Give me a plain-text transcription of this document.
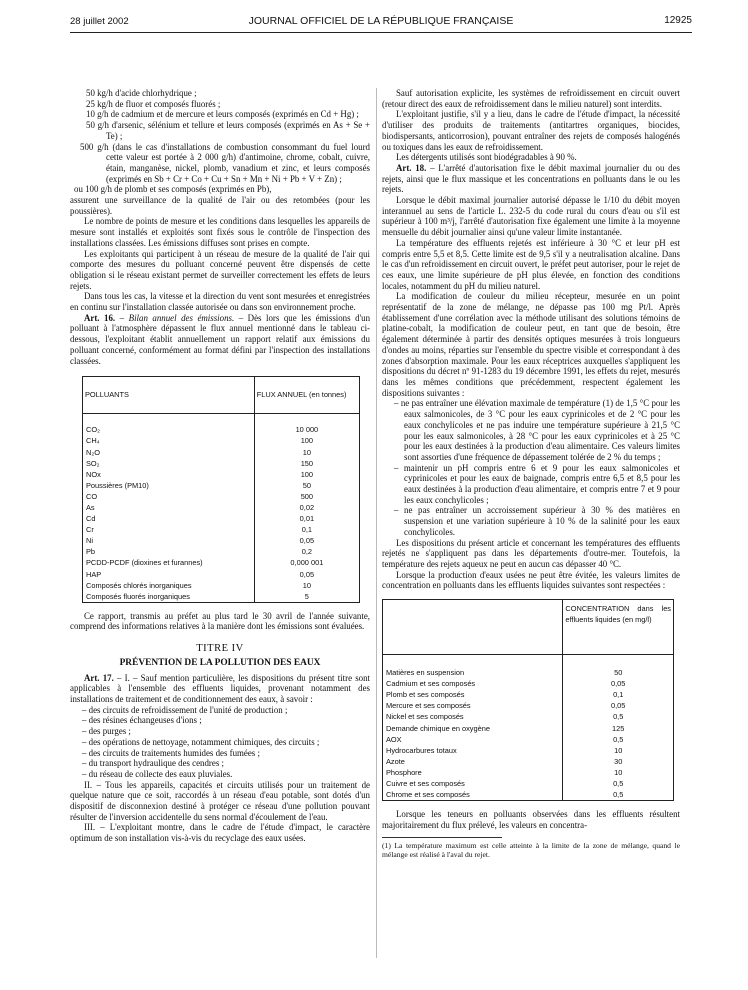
28 juillet 2002	JOURNAL OFFICIEL DE LA RÉPUBLIQUE FRANÇAISE	12925

50 kg/h d'acide chlorhydrique ;

25 kg/h de fluor et composés fluorés ;

10 g/h de cadmium et de mercure et leurs composés (exprimés en Cd + Hg) ;

50 g/h d'arsenic, sélénium et tellure et leurs composés (exprimés en As + Se + Te) ;

500 g/h (dans le cas d'installations de combustion consommant du fuel lourd cette valeur est portée à 2 000 g/h) d'antimoine, chrome, cobalt, cuivre, étain, manganèse, nickel, plomb, vanadium et zinc, et leurs composés (exprimés en Sb + Cr + Co + Cu + Sn + Mn + Ni + Pb + V + Zn) ;

ou 100 g/h de plomb et ses composés (exprimés en Pb),

assurent une surveillance de la qualité de l'air ou des retombées (pour les poussières).

Le nombre de points de mesure et les conditions dans lesquelles les appareils de mesure sont installés et exploités sont fixés sous le contrôle de l'inspection des installations classées. Les émissions diffuses sont prises en compte.

Les exploitants qui participent à un réseau de mesure de la qualité de l'air qui comporte des mesures du polluant concerné peuvent être dispensés de cette obligation si le réseau existant permet de surveiller correctement les effets de leurs rejets.

Dans tous les cas, la vitesse et la direction du vent sont mesurées et enregistrées en continu sur l'installation classée autorisée ou dans son environnement proche.

Art. 16. – Bilan annuel des émissions. – Dès lors que les émissions d'un polluant à l'atmosphère dépassent le flux annuel mentionné dans le tableau ci-dessous, l'exploitant établit annuellement un rapport relatif aux émissions du polluant concerné, conformément au format défini par l'inspection des installations classées.

POLLUANTS	FLUX ANNUEL (en tonnes)

CO₂	10 000
CH₄	100
N₂O	10
SO₂	150
NOx	100
Poussières (PM10)	50
CO	500
As	0,02
Cd	0,01
Cr	0,1
Ni	0,05
Pb	0,2
PCDD-PCDF (dioxines et furannes)	0,000 001
HAP	0,05
Composés chlorés inorganiques	10
Composés fluorés inorganiques	5

Ce rapport, transmis au préfet au plus tard le 30 avril de l'année suivante, comprend des informations relatives à la manière dont les émissions sont évaluées.

TITRE IV

PRÉVENTION DE LA POLLUTION DES EAUX

Art. 17. – I. – Sauf mention particulière, les dispositions du présent titre sont applicables à l'ensemble des effluents liquides, provenant notamment des installations de traitement et de conditionnement des eaux, à savoir :

– des circuits de refroidissement de l'unité de production ;

– des résines échangeuses d'ions ;

– des purges ;

– des opérations de nettoyage, notamment chimiques, des circuits ;

– des circuits de traitements humides des fumées ;

– du transport hydraulique des cendres ;

– du réseau de collecte des eaux pluviales.

II. – Tous les appareils, capacités et circuits utilisés pour un traitement de quelque nature que ce soit, raccordés à un réseau d'eau potable, sont dotés d'un dispositif de disconnexion destiné à protéger ce réseau d'une pollution pouvant résulter de l'inversion accidentelle du sens normal d'écoulement de l'eau.

III. – L'exploitant montre, dans le cadre de l'étude d'impact, le caractère optimum de son installation vis-à-vis du recyclage des eaux usées.

Sauf autorisation explicite, les systèmes de refroidissement en circuit ouvert (retour direct des eaux de refroidissement dans le milieu naturel) sont interdits.

L'exploitant justifie, s'il y a lieu, dans le cadre de l'étude d'impact, la nécessité d'utiliser des produits de traitements (antitartres organiques, biocides, biodispersants, anticorrosion), pouvant entraîner des rejets de composés halogénés ou toxiques dans les eaux de refroidissement.

Les détergents utilisés sont biodégradables à 90 %.

Art. 18. – L'arrêté d'autorisation fixe le débit maximal journalier du ou des rejets, ainsi que le flux massique et les concentrations en polluants dans le ou les rejets.

Lorsque le débit maximal journalier autorisé dépasse le 1/10 du débit moyen interannuel au sens de l'article L. 232-5 du code rural du cours d'eau ou s'il est supérieur à 100 m³/j, l'arrêté d'autorisation fixe également une limite à la moyenne mensuelle du débit journalier ainsi qu'une valeur limite instantanée.

La température des effluents rejetés est inférieure à 30 °C et leur pH est compris entre 5,5 et 8,5. Cette limite est de 9,5 s'il y a neutralisation alcaline. Dans le cas d'un refroidissement en circuit ouvert, le préfet peut autoriser, pour le rejet de ces eaux, une limite supérieure de pH plus élevée, en fonction des conditions locales, notamment du pH du milieu naturel.

La modification de couleur du milieu récepteur, mesurée en un point représentatif de la zone de mélange, ne dépasse pas 100 mg Pt/l. Après établissement d'une corrélation avec la méthode utilisant des solutions témoins de platine-cobalt, la modification de couleur peut, en tant que de besoin, être également déterminée à partir des densités optiques mesurées à trois longueurs d'ondes au moins, réparties sur l'ensemble du spectre visible et correspondant à des zones d'absorption maximale. Pour les eaux réceptrices auxquelles s'appliquent les dispositions du décret nº 91-1283 du 19 décembre 1991, les effets du rejet, mesurés dans les mêmes conditions que précédemment, respectent également les dispositions suivantes :

– ne pas entraîner une élévation maximale de température (1) de 1,5 °C pour les eaux salmonicoles, de 3 °C pour les eaux cyprinicoles et de 2 °C pour les eaux conchylicoles et ne pas induire une température supérieure à 21,5 °C pour les eaux salmonicoles, à 28 °C pour les eaux cyprinicoles et à 25 °C pour les eaux destinées à la production d'eau alimentaire. Ces valeurs limites sont assorties d'une fréquence de dépassement tolérée de 2 % du temps ;

– maintenir un pH compris entre 6 et 9 pour les eaux salmonicoles et cyprinicoles et pour les eaux de baignade, compris entre 6,5 et 8,5 pour les eaux destinées à la production d'eau alimentaire, et compris entre 7 et 9 pour les eaux conchylicoles ;

– ne pas entraîner un accroissement supérieur à 30 % des matières en suspension et une variation supérieure à 10 % de la salinité pour les eaux conchylicoles.

Les dispositions du présent article et concernant les températures des effluents rejetés ne s'appliquent pas dans les départements d'outre-mer. Toutefois, la température des rejets aqueux ne peut en aucun cas dépasser 40 °C.

Lorsque la production d'eaux usées ne peut être évitée, les valeurs limites de concentration en polluants dans les effluents liquides suivantes sont respectées :

	CONCENTRATION dans les effluents liquides (en mg/l)

Matières en suspension	50
Cadmium et ses composés	0,05
Plomb et ses composés	0,1
Mercure et ses composés	0,05
Nickel et ses composés	0,5
Demande chimique en oxygène	125
AOX	0,5
Hydrocarbures totaux	10
Azote	30
Phosphore	10
Cuivre et ses composés	0,5
Chrome et ses composés	0,5

Lorsque les teneurs en polluants observées dans les effluents résultent majoritairement du flux prélevé, les valeurs en concentra-

(1) La température maximum est celle atteinte à la limite de la zone de mélange, quand le mélange est réalisé à l'aval du rejet.
